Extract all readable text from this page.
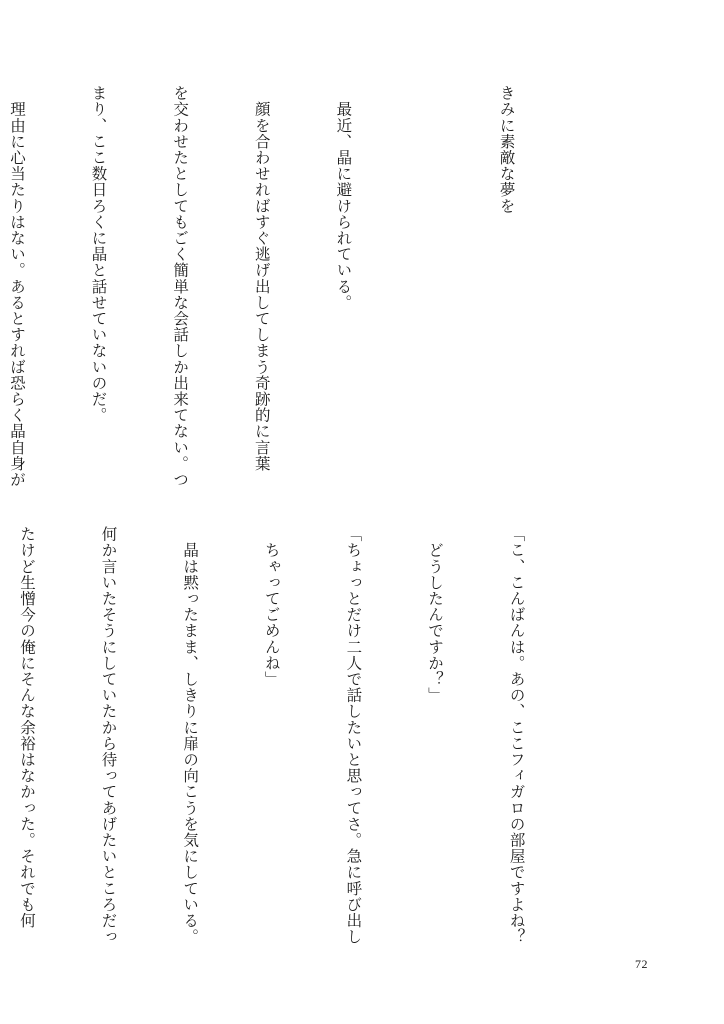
きみに素敵な夢を

　最近、晶に避けられている。

　顔を合わせればすぐ逃げ出してしまう奇跡的に言葉

を交わせたとしてもごく簡単な会話しか出来てない。つ

まり、ここ数日ろくに晶と話せていないのだ。

　理由に心当たりはない。あるとすれば恐らく晶自身が

「こ、こんばんは。あの、ここフィガロの部屋ですよね？

　どうしたんですか？」

「ちょっとだけ二人で話したいと思ってさ。急に呼び出し

　ちゃってごめんね」

　晶は黙ったまま、しきりに扉の向こうを気にしている。

何か言いたそうにしていたから待ってあげたいところだっ

たけど生憎今の俺にそんな余裕はなかった。それでも何

72
